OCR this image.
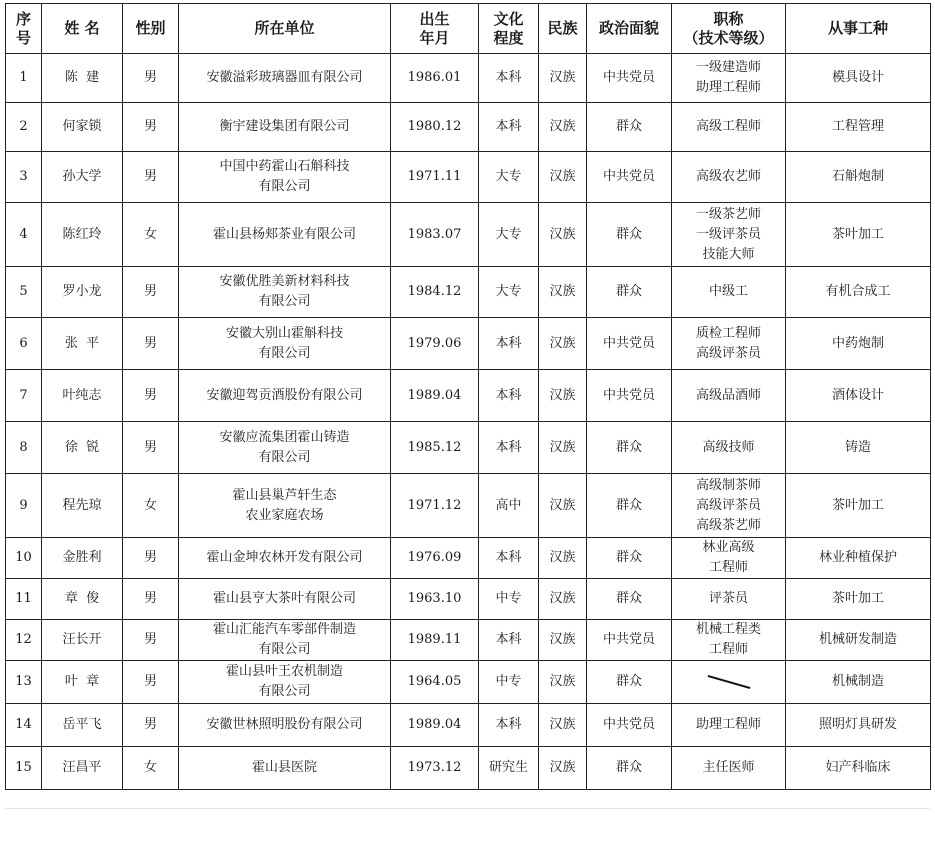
序
号	姓 名	性别	所在单位	出生
年月	文化
程度	民族	政治面貌	职称
（技术等级）	从事工种

1	陈  建	男	安徽溢彩玻璃器皿有限公司	1986.01	本科	汉族	中共党员	一级建造师
助理工程师	模具设计
2	何家锁	男	衡宇建设集团有限公司	1980.12	本科	汉族	群众	高级工程师	工程管理
3	孙大学	男	中国中药霍山石斛科技
有限公司	1971.11	大专	汉族	中共党员	高级农艺师	石斛炮制
4	陈红玲	女	霍山县杨郏茶业有限公司	1983.07	大专	汉族	群众	一级茶艺师
一级评茶员
技能大师	茶叶加工
5	罗小龙	男	安徽优胜美新材料科技
有限公司	1984.12	大专	汉族	群众	中级工	有机合成工
6	张  平	男	安徽大别山霍斛科技
有限公司	1979.06	本科	汉族	中共党员	质检工程师
高级评茶员	中药炮制
7	叶纯志	男	安徽迎驾贡酒股份有限公司	1989.04	本科	汉族	中共党员	高级品酒师	酒体设计
8	徐  锐	男	安徽应流集团霍山铸造
有限公司	1985.12	本科	汉族	群众	高级技师	铸造
9	程先琼	女	霍山县巢芦轩生态
农业家庭农场	1971.12	高中	汉族	群众	高级制茶师
高级评茶员
高级茶艺师	茶叶加工
10	金胜利	男	霍山金坤农林开发有限公司	1976.09	本科	汉族	群众	林业高级
工程师	林业种植保护
11	章  俊	男	霍山县亨大茶叶有限公司	1963.10	中专	汉族	群众	评茶员	茶叶加工
12	汪长开	男	霍山汇能汽车零部件制造
有限公司	1989.11	本科	汉族	中共党员	机械工程类
工程师	机械研发制造
13	叶  章	男	霍山县叶王农机制造
有限公司	1964.05	中专	汉族	群众		机械制造
14	岳平飞	男	安徽世林照明股份有限公司	1989.04	本科	汉族	中共党员	助理工程师	照明灯具研发
15	汪昌平	女	霍山县医院	1973.12	研究生	汉族	群众	主任医师	妇产科临床
